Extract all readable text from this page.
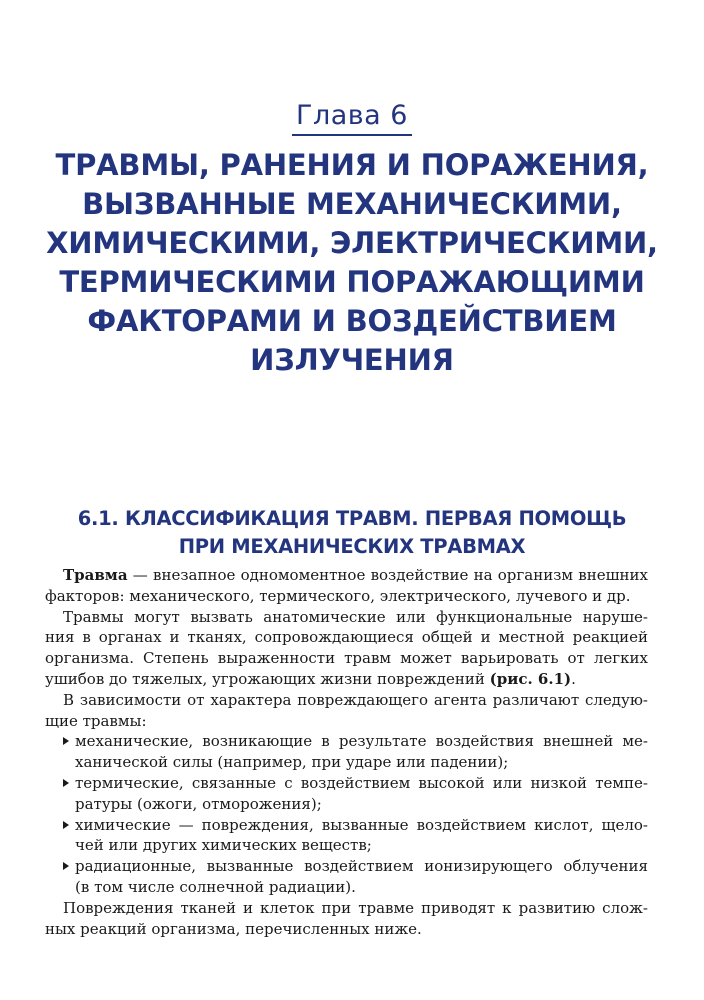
Глава 6
ТРАВМЫ, РАНЕНИЯ И ПОРАЖЕНИЯ,
ВЫЗВАННЫЕ МЕХАНИЧЕСКИМИ,
ХИМИЧЕСКИМИ, ЭЛЕКТРИЧЕСКИМИ,
ТЕРМИЧЕСКИМИ ПОРАЖАЮЩИМИ
ФАКТОРАМИ И ВОЗДЕЙСТВИЕМ
ИЗЛУЧЕНИЯ
6.1. КЛАССИФИКАЦИЯ ТРАВМ. ПЕРВАЯ ПОМОЩЬ
ПРИ МЕХАНИЧЕСКИХ ТРАВМАХ
Травма — внезапное одномоментное воздействие на организм внешних
факторов: механического, термического, электрического, лучевого и др.
Травмы могут вызвать анатомические или функциональные наруше-
ния в органах и тканях, сопровождающиеся общей и местной реакцией
организма. Степень выраженности травм может варьировать от легких
ушибов до тяжелых, угрожающих жизни повреждений (рис. 6.1).
В зависимости от характера повреждающего агента различают следую-
щие травмы:
механические, возникающие в результате воздействия внешней ме-
ханической силы (например, при ударе или падении);
термические, связанные с воздействием высокой или низкой темпе-
ратуры (ожоги, отморожения);
химические — повреждения, вызванные воздействием кислот, щело-
чей или других химических веществ;
радиационные, вызванные воздействием ионизирующего облучения
(в том числе солнечной радиации).
Повреждения тканей и клеток при травме приводят к развитию слож-
ных реакций организма, перечисленных ниже.
